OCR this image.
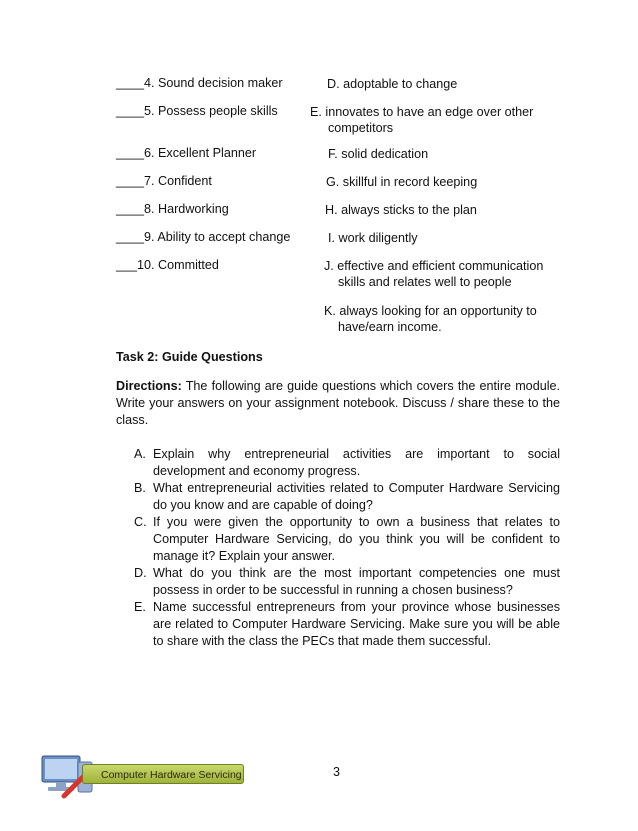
____4. Sound decision maker	D. adoptable to change
____5. Possess people skills	E. innovates to have an edge over other
competitors
____6. Excellent Planner	F. solid dedication
____7. Confident	G. skillful in record keeping
____8. Hardworking	H. always sticks to the plan
____9. Ability to accept change	I. work diligently
___10. Committed	J. effective and efficient communication
skills and relates well to people
K. always looking for an opportunity to
have/earn income.
Task 2: Guide Questions
Directions: The following are guide questions which covers the entire module. Write your answers on your assignment notebook. Discuss / share these to the class.
A. Explain why entrepreneurial activities are important to social development and economy progress.
B. What entrepreneurial activities related to Computer Hardware Servicing do you know and are capable of doing?
C. If you were given the opportunity to own a business that relates to Computer Hardware Servicing, do you think you will be confident to manage it? Explain your answer.
D. What do you think are the most important competencies one must possess in order to be successful in running a chosen business?
E. Name successful entrepreneurs from your province whose businesses are related to Computer Hardware Servicing. Make sure you will be able to share with the class the PECs that made them successful.
Computer Hardware Servicing	3
